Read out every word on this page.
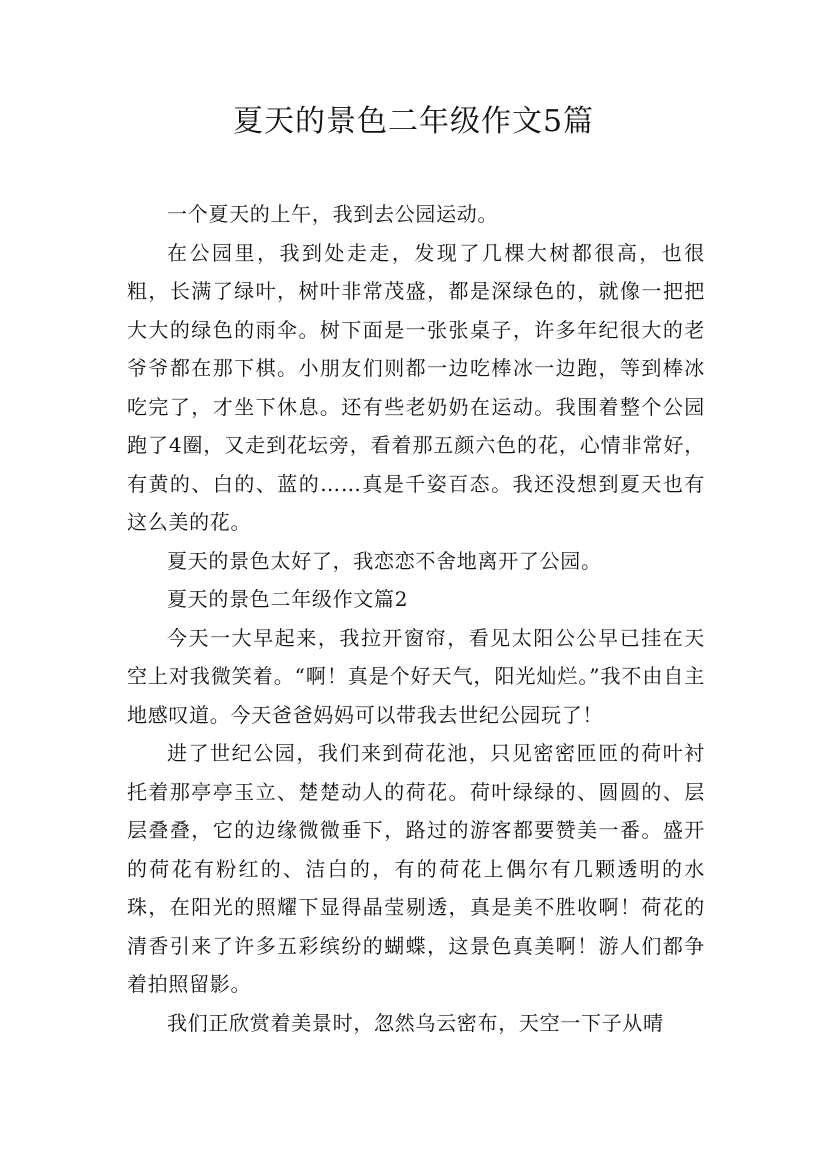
夏天的景色二年级作文5篇

一个夏天的上午，我到去公园运动。

在公园里，我到处走走，发现了几棵大树都很高，也很粗，长满了绿叶，树叶非常茂盛，都是深绿色的，就像一把把大大的绿色的雨伞。树下面是一张张桌子，许多年纪很大的老爷爷都在那下棋。小朋友们则都一边吃棒冰一边跑，等到棒冰吃完了，才坐下休息。还有些老奶奶在运动。我围着整个公园跑了4圈，又走到花坛旁，看着那五颜六色的花，心情非常好，有黄的、白的、蓝的……真是千姿百态。我还没想到夏天也有这么美的花。

夏天的景色太好了，我恋恋不舍地离开了公园。

夏天的景色二年级作文篇2

今天一大早起来，我拉开窗帘，看见太阳公公早已挂在天空上对我微笑着。“啊！真是个好天气，阳光灿烂。”我不由自主地感叹道。今天爸爸妈妈可以带我去世纪公园玩了！

进了世纪公园，我们来到荷花池，只见密密匝匝的荷叶衬托着那亭亭玉立、楚楚动人的荷花。荷叶绿绿的、圆圆的、层层叠叠，它的边缘微微垂下，路过的游客都要赞美一番。盛开的荷花有粉红的、洁白的，有的荷花上偶尔有几颗透明的水珠，在阳光的照耀下显得晶莹剔透，真是美不胜收啊！荷花的清香引来了许多五彩缤纷的蝴蝶，这景色真美啊！游人们都争着拍照留影。

我们正欣赏着美景时，忽然乌云密布，天空一下子从晴
